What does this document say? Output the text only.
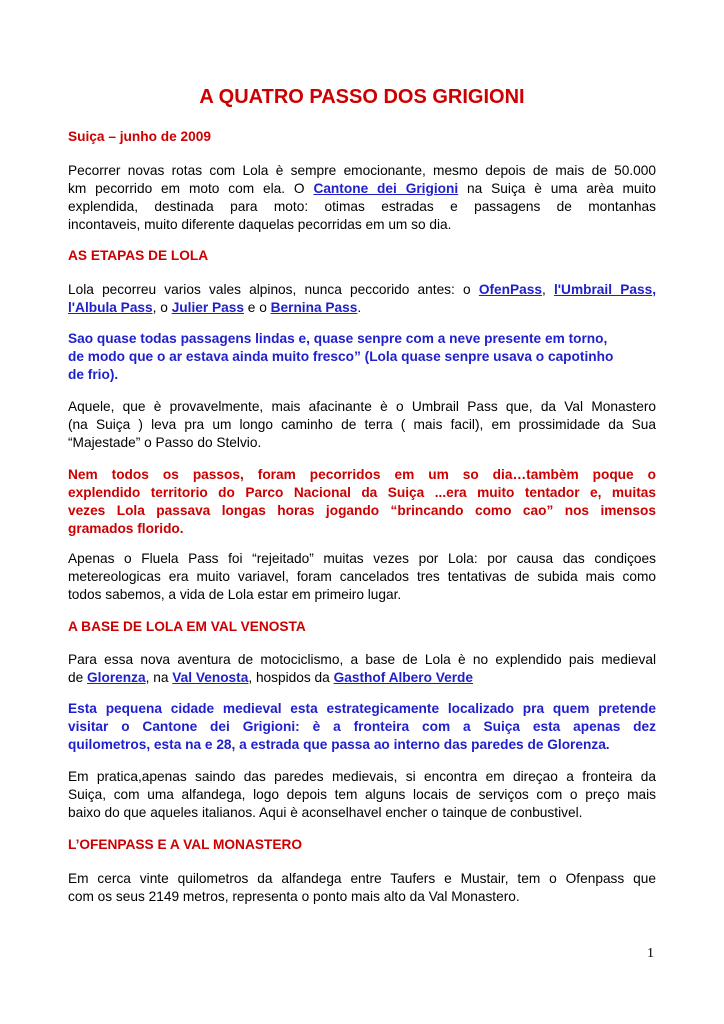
A QUATRO PASSO DOS GRIGIONI
Suiça – junho de 2009
Pecorrer novas rotas com Lola è sempre emocionante, mesmo depois de mais de 50.000
km pecorrido em moto com ela. O Cantone dei Grigioni na Suiça è uma arèa muito
explendida, destinada para moto: otimas estradas e passagens de montanhas
incontaveis, muito diferente daquelas pecorridas em um so dia.
AS ETAPAS DE LOLA
Lola pecorreu varios vales alpinos, nunca peccorido antes: o OfenPass, l'Umbrail Pass,
l'Albula Pass, o Julier Pass e o Bernina Pass.
Sao quase todas passagens lindas e, quase senpre com a neve presente em torno,
de modo que o ar estava ainda muito fresco” (Lola quase senpre usava o capotinho
de frio).
Aquele, que è provavelmente, mais afacinante è o Umbrail Pass que, da Val Monastero
(na Suiça ) leva pra um longo caminho de terra ( mais facil), em prossimidade da Sua
“Majestade” o Passo do Stelvio.
Nem todos os passos, foram pecorridos em um so dia…tambèm poque o
explendido territorio do Parco Nacional da Suiça ...era muito tentador e, muitas
vezes Lola passava longas horas jogando “brincando como cao” nos imensos
gramados florido.
Apenas o Fluela Pass foi “rejeitado” muitas vezes por Lola: por causa das condiçoes
metereologicas era muito variavel, foram cancelados tres tentativas de subida mais como
todos sabemos, a vida de Lola estar em primeiro lugar.
A BASE DE LOLA EM VAL VENOSTA
Para essa nova aventura de motociclismo, a base de Lola è no explendido pais medieval
de Glorenza, na Val Venosta, hospidos da Gasthof Albero Verde
Esta pequena cidade medieval esta estrategicamente localizado pra quem pretende
visitar o Cantone dei Grigioni: è a fronteira com a Suiça esta apenas dez
quilometros, esta na e 28, a estrada que passa ao interno das paredes de Glorenza.
Em pratica,apenas saindo das paredes medievais, si encontra em direçao a fronteira da
Suiça, com uma alfandega, logo depois tem alguns locais de serviços com o preço mais
baixo do que aqueles italianos. Aqui è aconselhavel encher o tainque de conbustivel.
L’OFENPASS E A VAL MONASTERO
Em cerca vinte quilometros da alfandega entre Taufers e Mustair, tem o Ofenpass que
com os seus 2149 metros, representa o ponto mais alto da Val Monastero.
1
